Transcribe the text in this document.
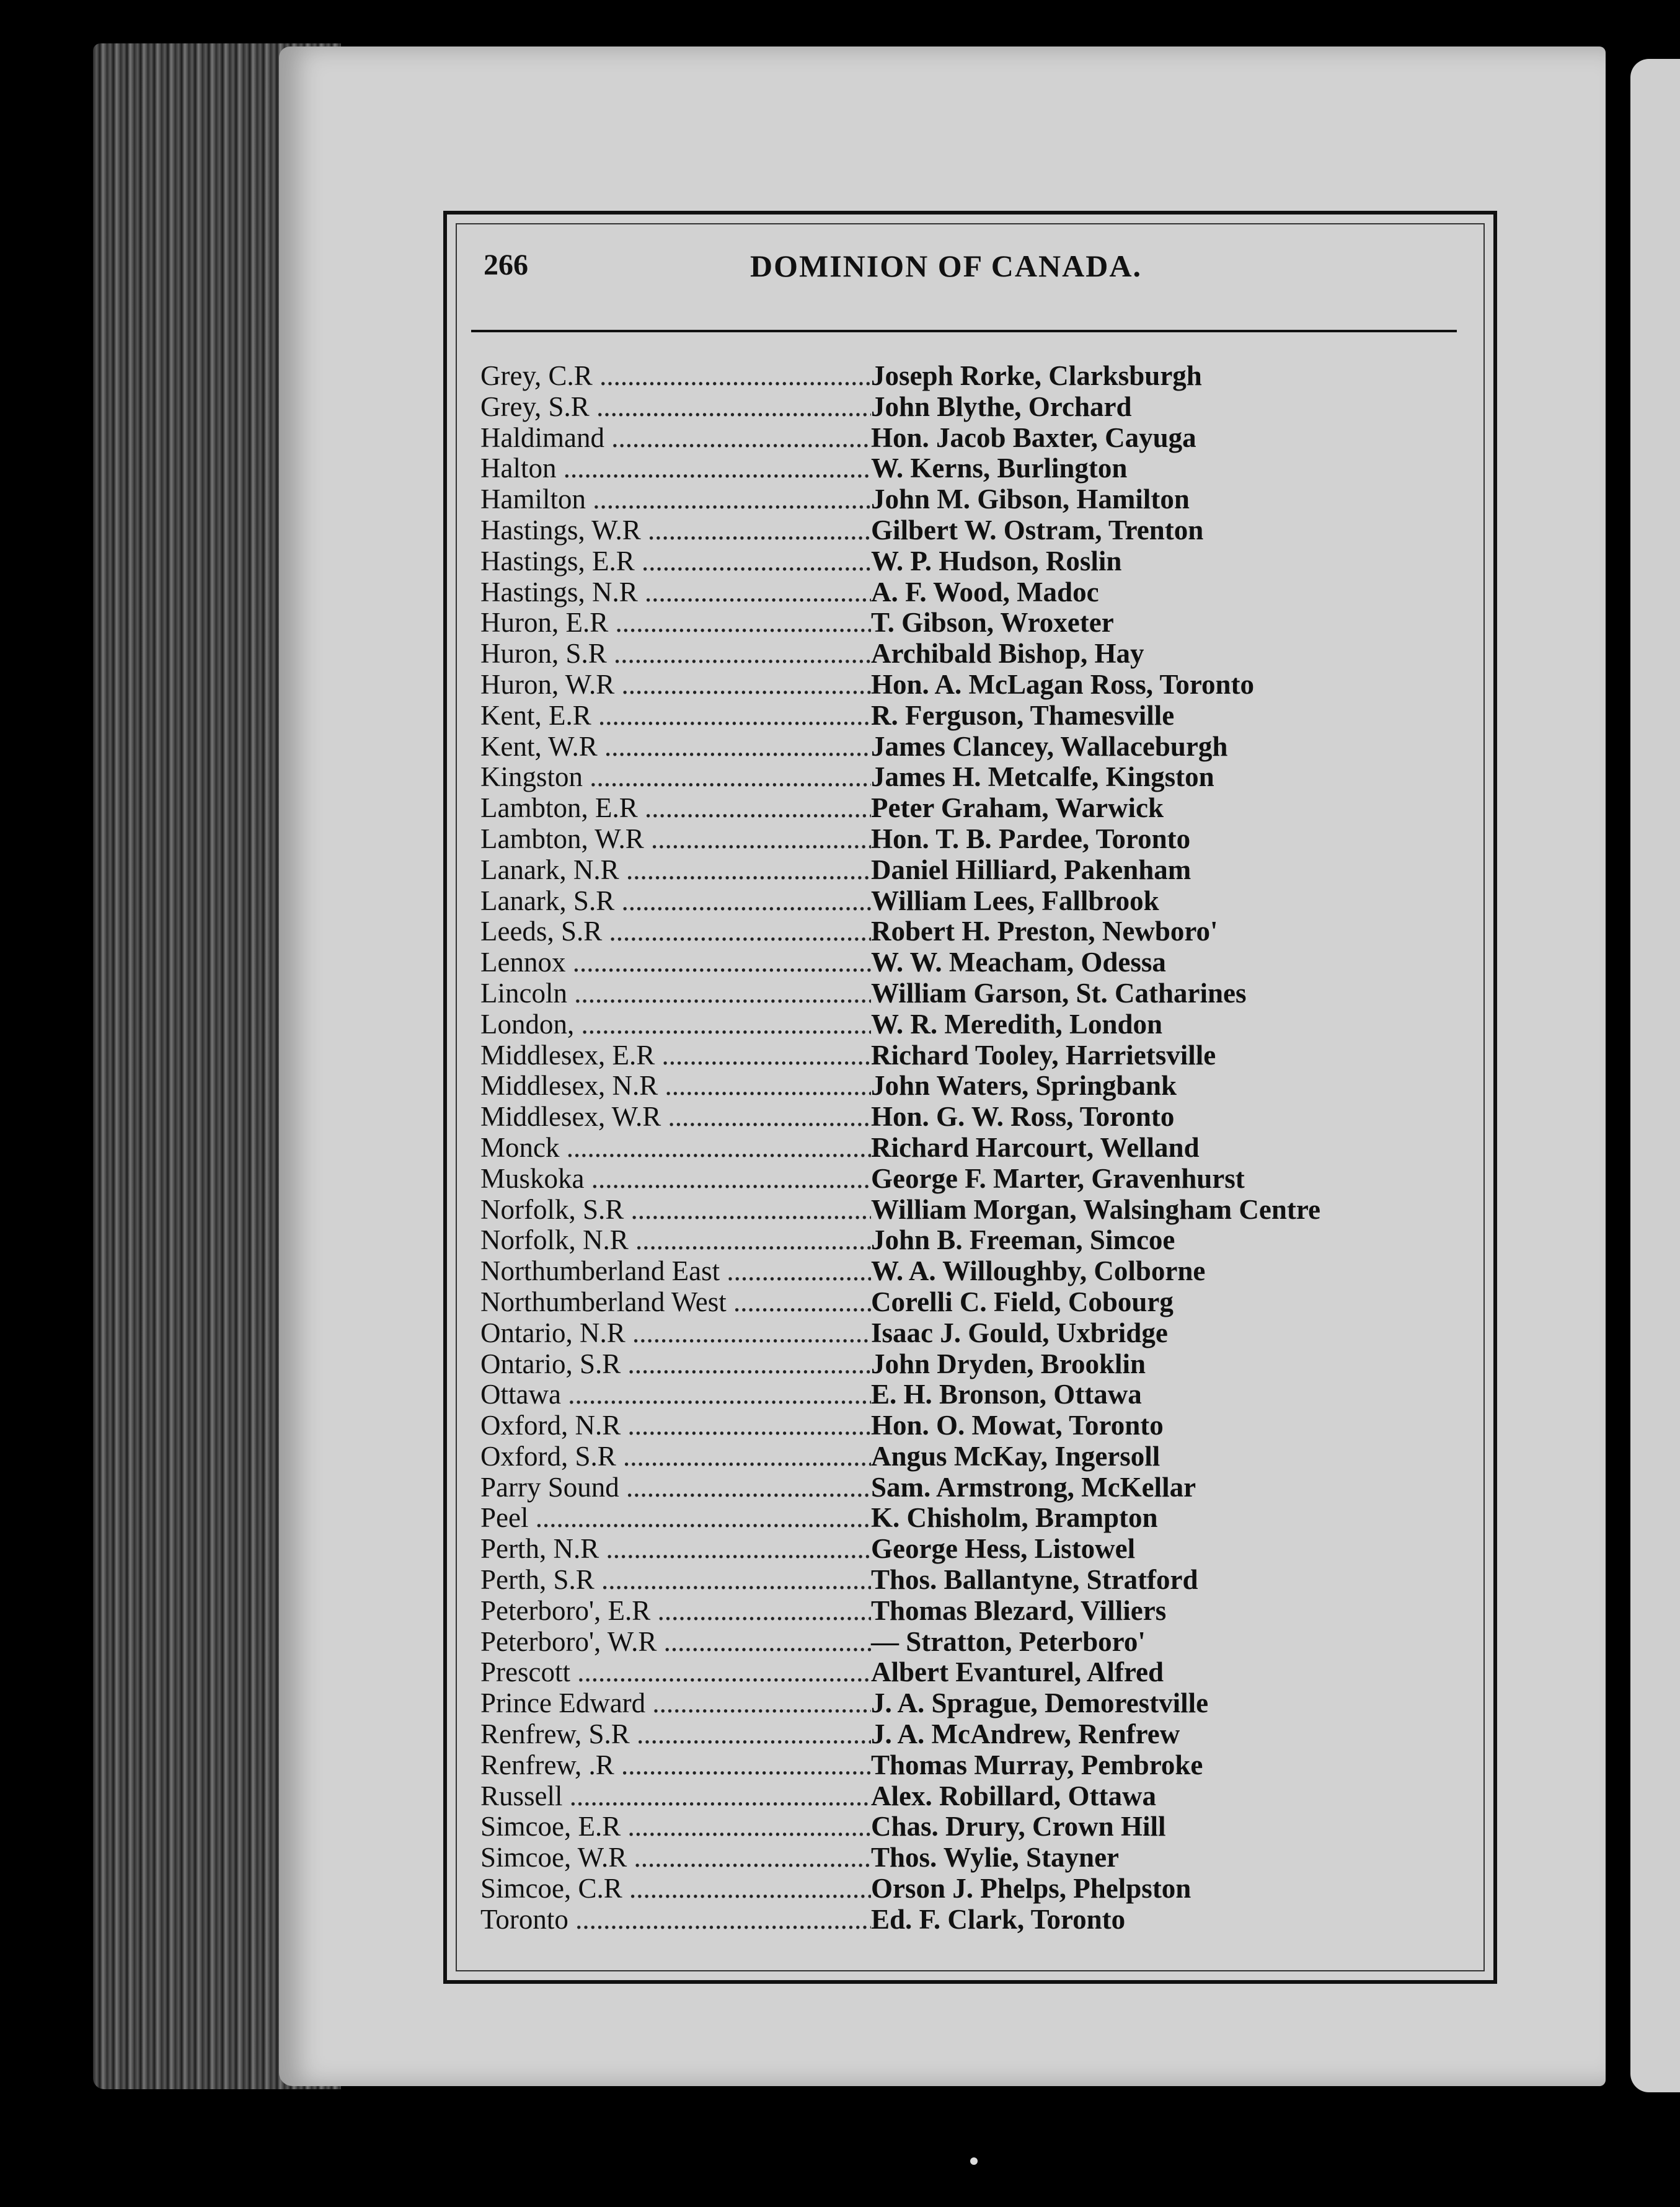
266	DOMINION OF CANADA.
Grey, C.R .....	Joseph Rorke, Clarksburgh
Grey, S.R .....	John Blythe, Orchard
Haldimand .....	Hon. Jacob Baxter, Cayuga
Halton .....	W. Kerns, Burlington
Hamilton .....	John M. Gibson, Hamilton
Hastings, W.R .....	Gilbert W. Ostram, Trenton
Hastings, E.R .....	W. P. Hudson, Roslin
Hastings, N.R .....	A. F. Wood, Madoc
Huron, E.R .....	T. Gibson, Wroxeter
Huron, S.R .....	Archibald Bishop, Hay
Huron, W.R .....	Hon. A. McLagan Ross, Toronto
Kent, E.R .....	R. Ferguson, Thamesville
Kent, W.R .....	James Clancey, Wallaceburgh
Kingston .....	James H. Metcalfe, Kingston
Lambton, E.R .....	Peter Graham, Warwick
Lambton, W.R .....	Hon. T. B. Pardee, Toronto
Lanark, N.R .....	Daniel Hilliard, Pakenham
Lanark, S.R .....	William Lees, Fallbrook
Leeds, S.R .....	Robert H. Preston, Newboro'
Lennox .....	W. W. Meacham, Odessa
Lincoln .....	William Garson, St. Catharines
London, .....	W. R. Meredith, London
Middlesex, E.R .....	Richard Tooley, Harrietsville
Middlesex, N.R .....	John Waters, Springbank
Middlesex, W.R .....	Hon. G. W. Ross, Toronto
Monck .....	Richard Harcourt, Welland
Muskoka .....	George F. Marter, Gravenhurst
Norfolk, S.R .....	William Morgan, Walsingham Centre
Norfolk, N.R .....	John B. Freeman, Simcoe
Northumberland East .....	W. A. Willoughby, Colborne
Northumberland West .....	Corelli C. Field, Cobourg
Ontario, N.R .....	Isaac J. Gould, Uxbridge
Ontario, S.R .....	John Dryden, Brooklin
Ottawa .....	E. H. Bronson, Ottawa
Oxford, N.R .....	Hon. O. Mowat, Toronto
Oxford, S.R .....	Angus McKay, Ingersoll
Parry Sound .....	Sam. Armstrong, McKellar
Peel .....	K. Chisholm, Brampton
Perth, N.R .....	George Hess, Listowel
Perth, S.R .....	Thos. Ballantyne, Stratford
Peterboro', E.R .....	Thomas Blezard, Villiers
Peterboro', W.R .....	— Stratton, Peterboro'
Prescott .....	Albert Evanturel, Alfred
Prince Edward .....	J. A. Sprague, Demorestville
Renfrew, S.R .....	J. A. McAndrew, Renfrew
Renfrew, .R .....	Thomas Murray, Pembroke
Russell .....	Alex. Robillard, Ottawa
Simcoe, E.R .....	Chas. Drury, Crown Hill
Simcoe, W.R .....	Thos. Wylie, Stayner
Simcoe, C.R .....	Orson J. Phelps, Phelpston
Toronto .....	Ed. F. Clark, Toronto
